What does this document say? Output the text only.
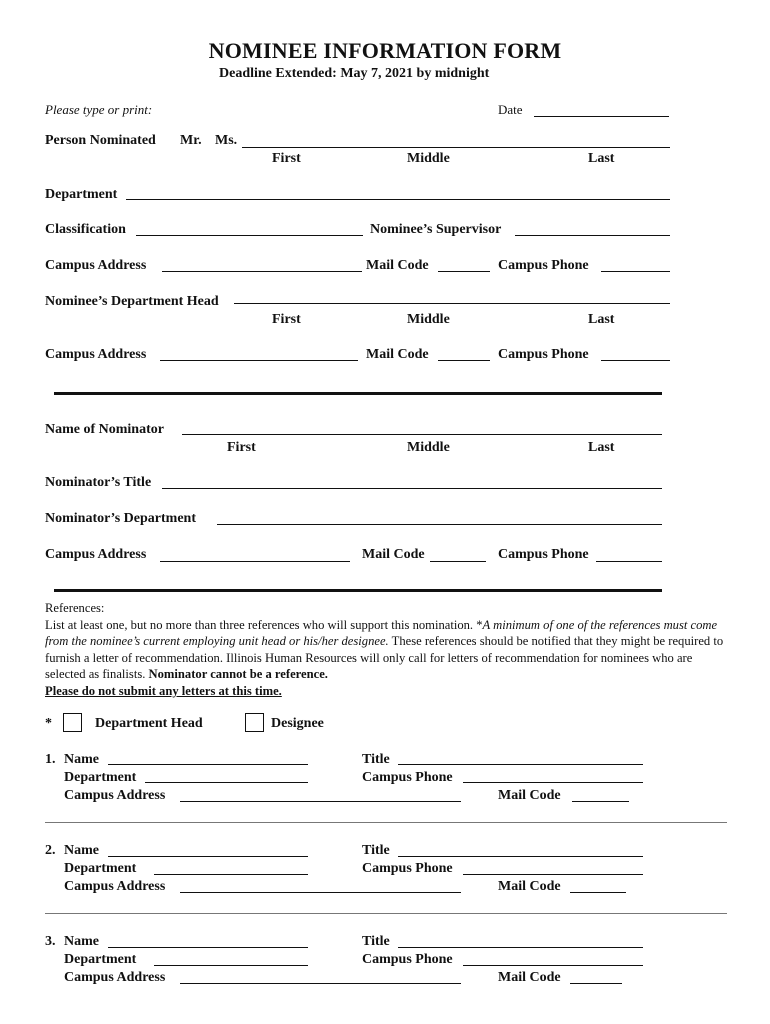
NOMINEE INFORMATION FORM
Deadline Extended: May 7, 2021 by midnight
Please type or print:	Date
Person Nominated Mr. Ms.
First	Middle	Last
Department
Classification	Nominee’s Supervisor
Campus Address	Mail Code	Campus Phone
Nominee’s Department Head
First	Middle	Last
Campus Address	Mail Code	Campus Phone
Name of Nominator
First	Middle	Last
Nominator’s Title
Nominator’s Department
Campus Address	Mail Code	Campus Phone
References:
List at least one, but no more than three references who will support this nomination. *A minimum of one of the references must come from the nominee’s current employing unit head or his/her designee. These references should be notified that they might be required to furnish a letter of recommendation. Illinois Human Resources will only call for letters of recommendation for nominees who are selected as finalists. Nominator cannot be a reference.
Please do not submit any letters at this time.
*	Department Head	Designee
1. Name	Title
Department	Campus Phone
Campus Address	Mail Code
2. Name	Title
Department	Campus Phone
Campus Address	Mail Code
3. Name	Title
Department	Campus Phone
Campus Address	Mail Code
